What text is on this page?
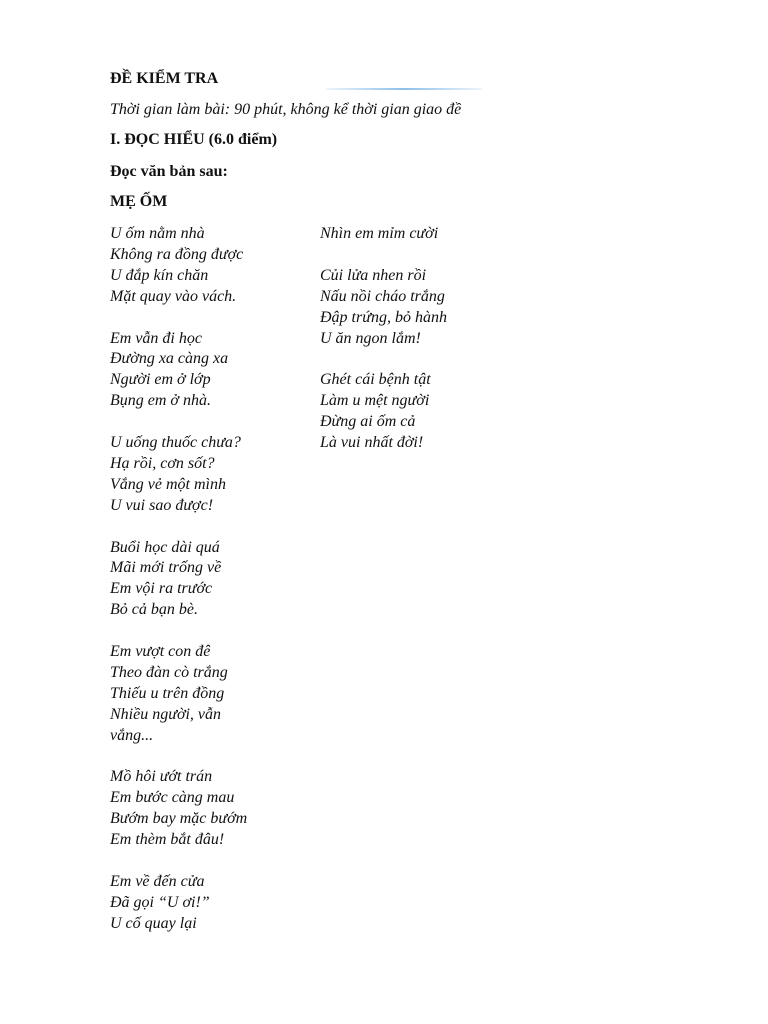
ĐỀ KIỂM TRA
Thời gian làm bài: 90 phút, không kể thời gian giao đề
I. ĐỌC HIỂU (6.0 điểm)
Đọc văn bản sau:
MẸ ỐM
U ốm nằm nhà
Không ra đồng được
U đắp kín chăn
Mặt quay vào vách.
Em vẫn đi học
Đường xa càng xa
Người em ở lớp
Bụng em ở nhà.
U uống thuốc chưa?
Hạ rồi, cơn sốt?
Vắng vẻ một mình
U vui sao được!
Buổi học dài quá
Mãi mới trống về
Em vội ra trước
Bỏ cả bạn bè.
Em vượt con đê
Theo đàn cò trắng
Thiếu u trên đồng
Nhiều người, vẫn
vắng...
Mồ hôi ướt trán
Em bước càng mau
Bướm bay mặc bướm
Em thèm bắt đâu!
Em về đến cửa
Đã gọi “U ơi!”
U cố quay lại
Nhìn em mỉm cười
Củi lửa nhen rồi
Nấu nồi cháo trắng
Đập trứng, bỏ hành
U ăn ngon lắm!
Ghét cái bệnh tật
Làm u mệt người
Đừng ai ốm cả
Là vui nhất đời!
